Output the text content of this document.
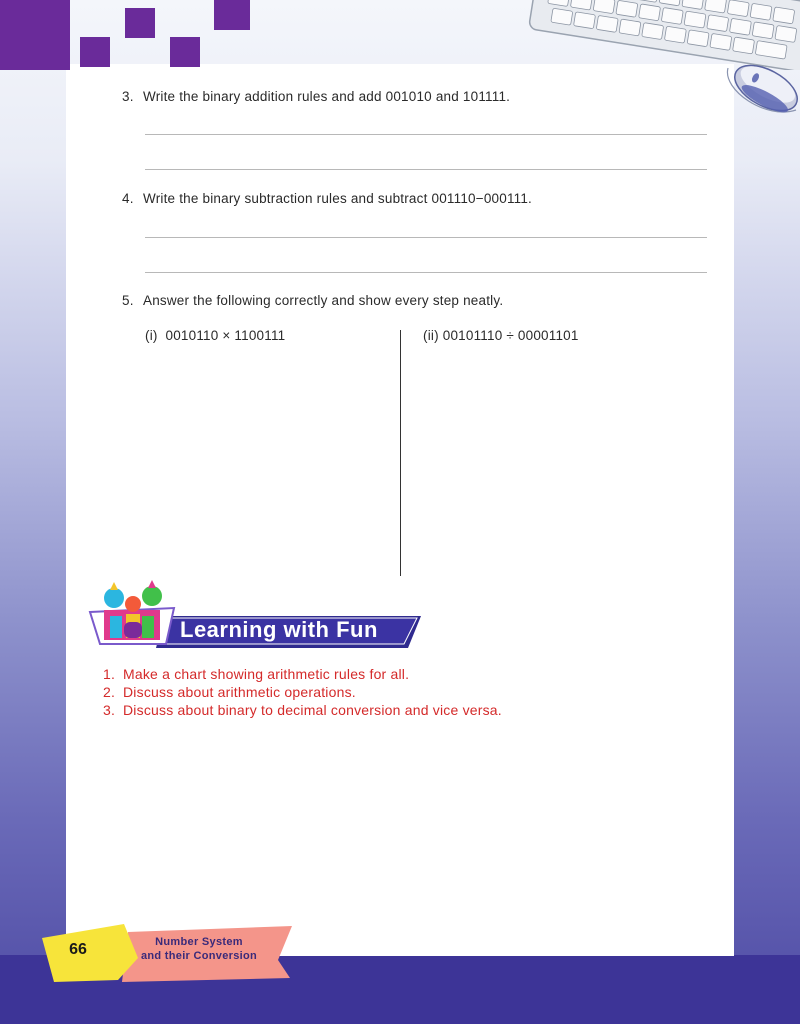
3. Write the binary addition rules and add 001010 and 101111.
4. Write the binary subtraction rules and subtract 001110−000111.
5. Answer the following correctly and show every step neatly.
(i)  0010110 × 1100111	(ii) 00101110 ÷ 00001101
Learning with Fun
1. Make a chart showing arithmetic rules for all.
2. Discuss about arithmetic operations.
3. Discuss about binary to decimal conversion and vice versa.
66	Number System
and their Conversion
